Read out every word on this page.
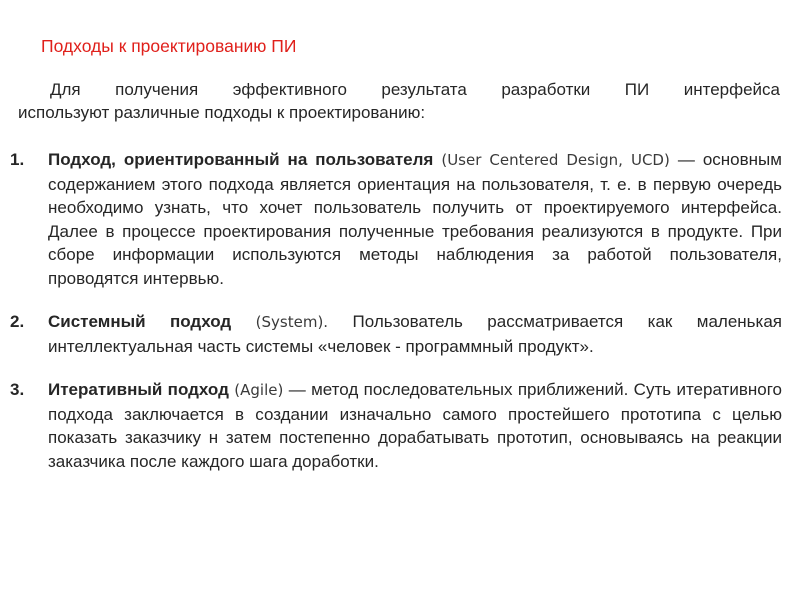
Подходы к проектированию ПИ
Для получения эффективного результата разработки ПИ интерфейса
используют различные подходы к проектированию:
1. Подход, ориентированный на пользователя (User Centered Design, UCD) — основным содержанием этого подхода является ориентация на пользователя, т. е. в первую очередь необходимо узнать, что хочет пользователь получить от проектируемого интерфейса. Далее в процессе проектирования полученные требования реализуются в продукте. При сборе информации используются методы наблюдения за работой пользователя, проводятся интервью.
2. Системный подход (System). Пользователь рассматривается как маленькая интеллектуальная часть системы «человек - программный продукт».
3. Итеративный подход (Agile) — метод последовательных приближений. Суть итеративного подхода заключается в создании изначально самого простейшего прототипа с целью показать заказчику н затем постепенно дорабатывать прототип, основываясь на реакции заказчика после каждого шага доработки.
